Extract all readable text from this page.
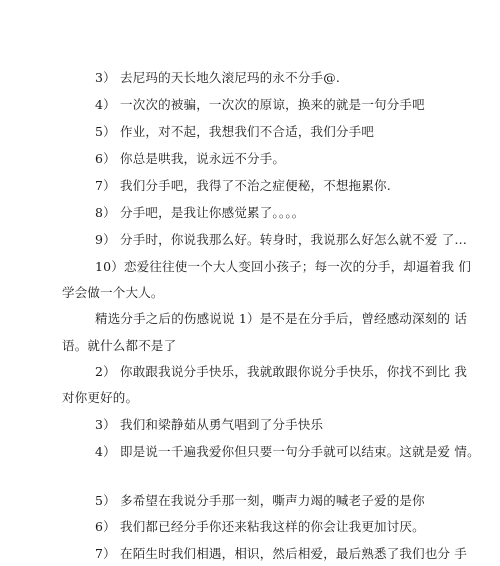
3） 去尼玛的天长地久滚尼玛的永不分手@.
4） 一次次的被骗，一次次的原谅，换来的就是一句分手吧
5） 作业，对不起，我想我们不合适，我们分手吧
6） 你总是哄我，说永远不分手。
7） 我们分手吧，我得了不治之症便秘，不想拖累你.
8） 分手吧，是我让你感觉累了。。。。
9） 分手时，你说我那么好。转身时，我说那么好怎么就不爱 了…
10）恋爱往往使一个大人变回小孩子；每一次的分手，却逼着我 们
学会做一个大人。
精选分手之后的伤感说说 1）是不是在分手后，曾经感动深刻的 话
语。就什么都不是了
2） 你敢跟我说分手快乐，我就敢跟你说分手快乐，你找不到比 我
对你更好的。
3） 我们和梁静茹从勇气唱到了分手快乐
4） 即是说一千遍我爱你但只要一句分手就可以结束。这就是爱 情。
5） 多希望在我说分手那一刻，嘶声力竭的喊老子爱的是你
6） 我们都已经分手你还来粘我这样的你会让我更加讨厌。
7） 在陌生时我们相遇，相识，然后相爱，最后熟悉了我们也分 手
